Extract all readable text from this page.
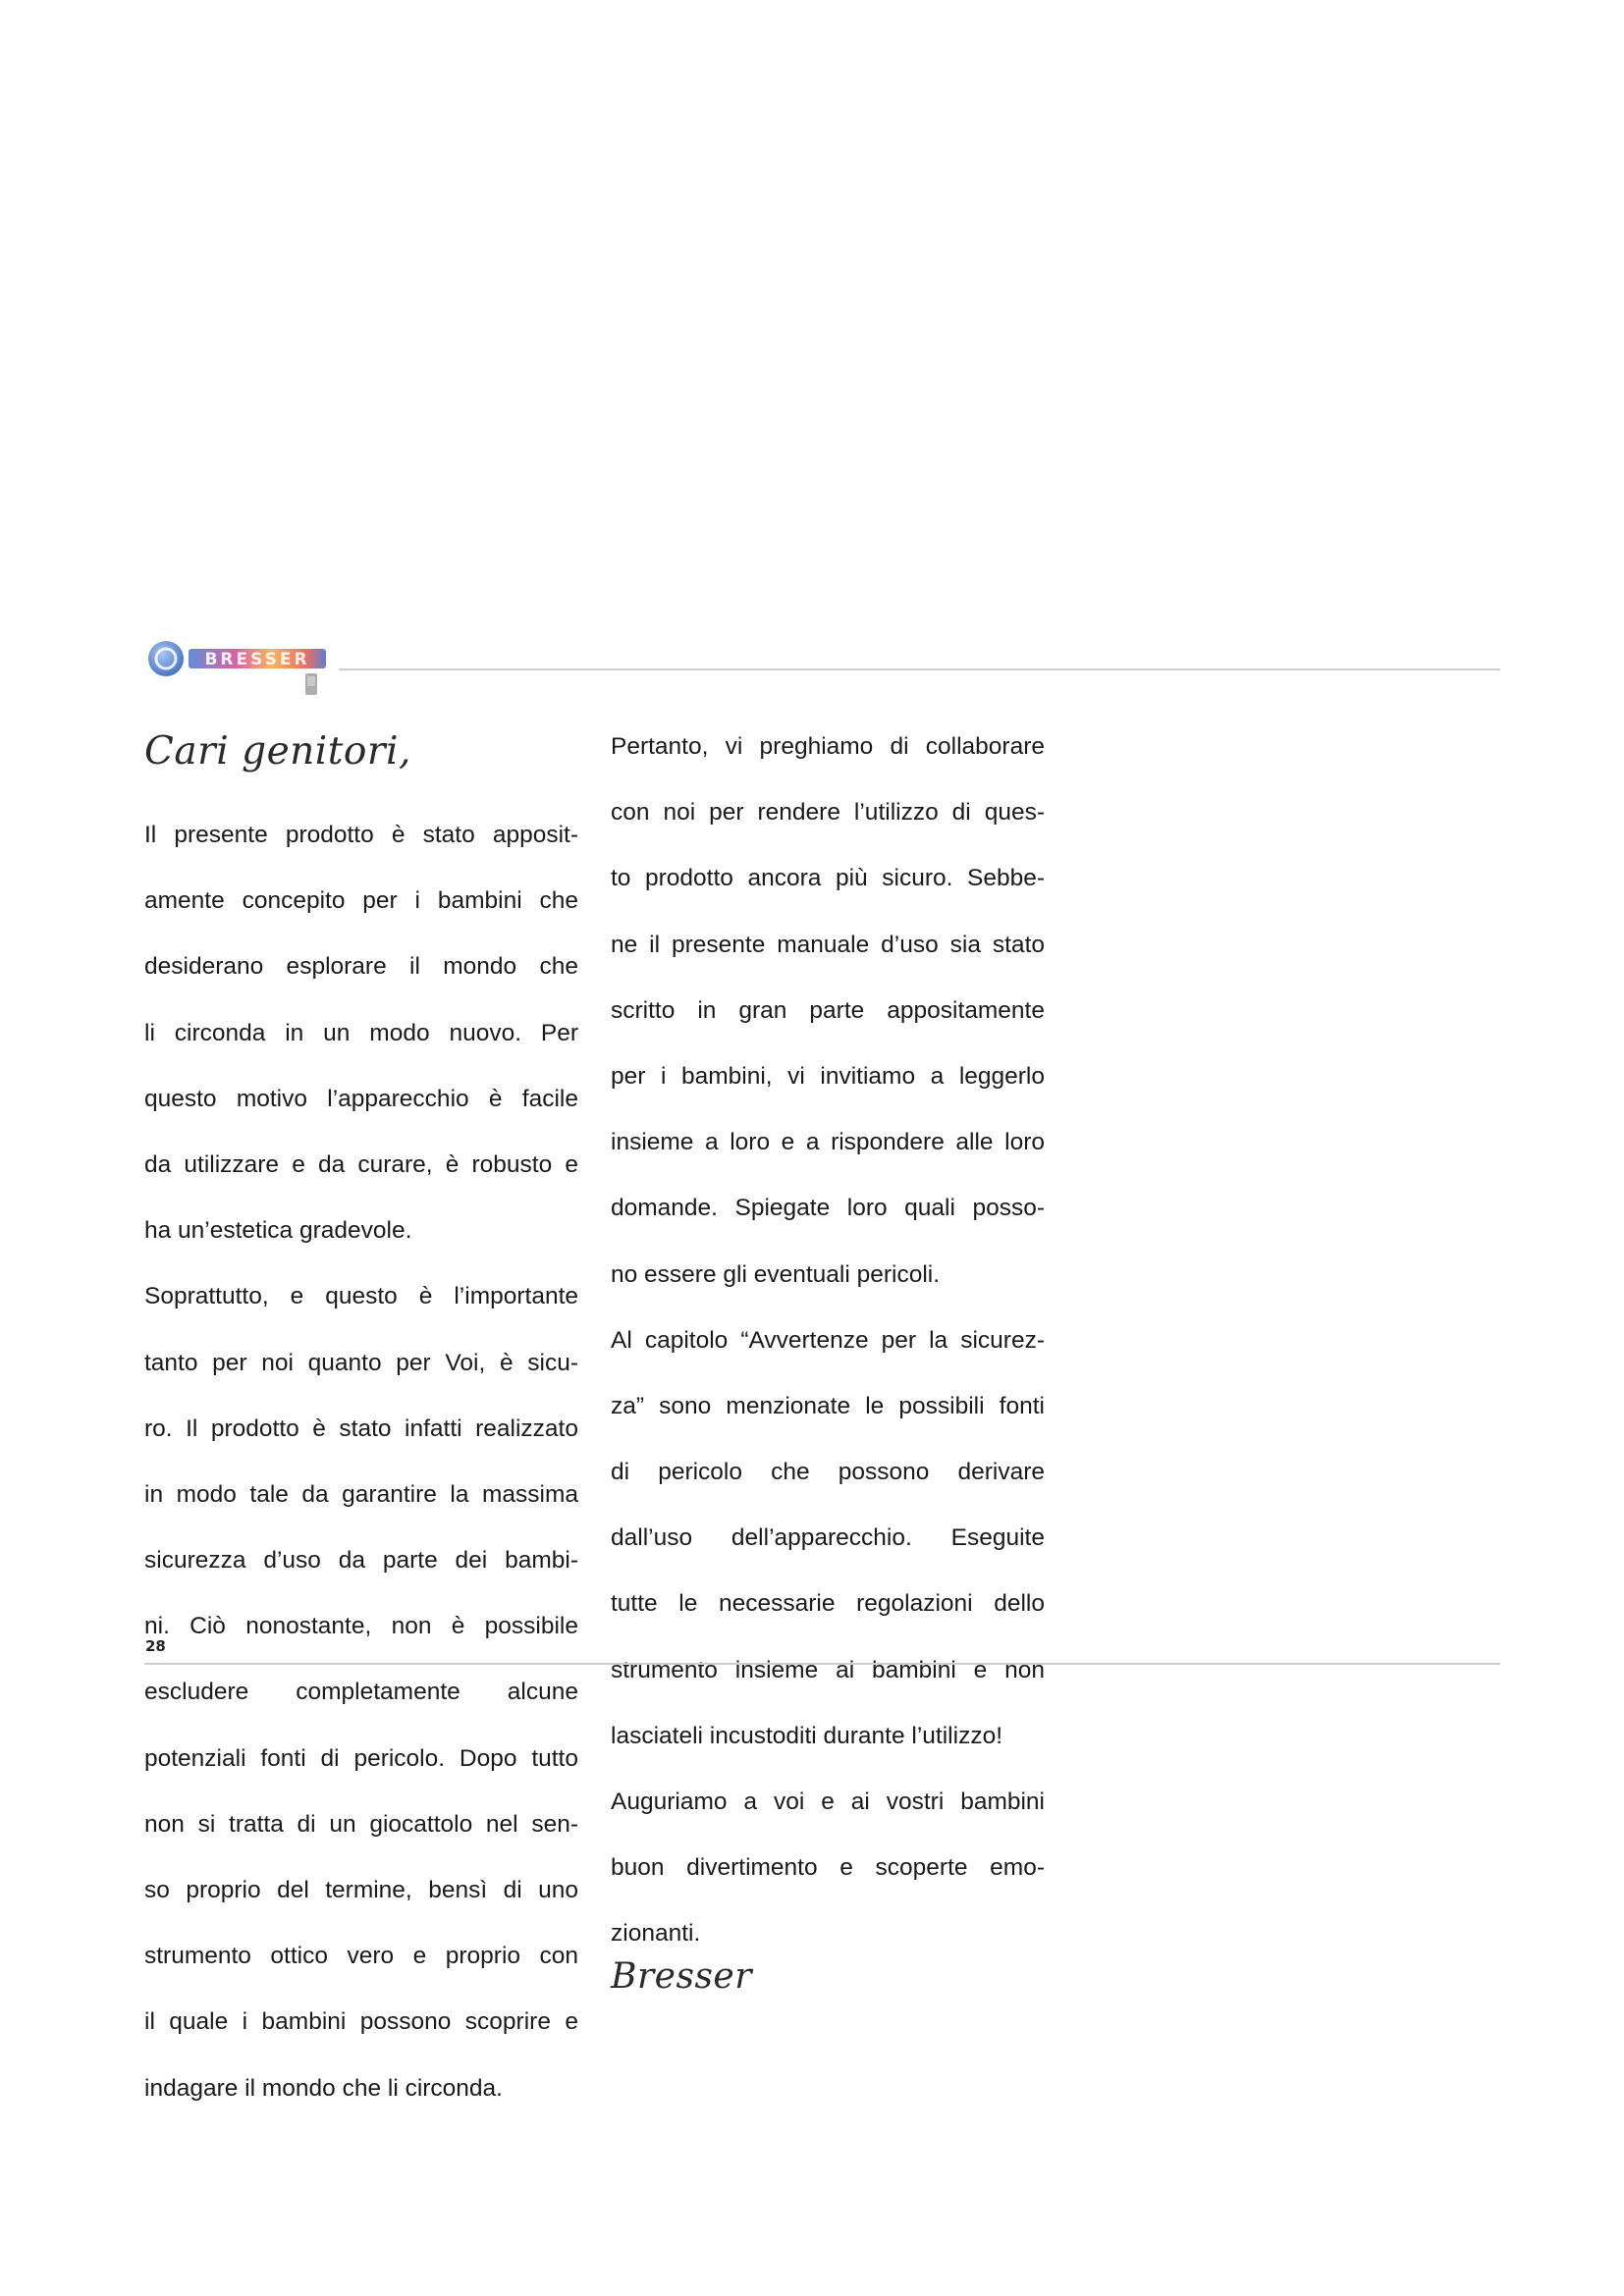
BRESSER
Cari genitori,

Il presente prodotto è stato apposit-
amente concepito per i bambini che
desiderano esplorare il mondo che
li circonda in un modo nuovo. Per
questo motivo l’apparecchio è facile
da utilizzare e da curare, è robusto e
ha un’estetica gradevole.

Soprattutto, e questo è l’importante
tanto per noi quanto per Voi, è sicu-
ro. Il prodotto è stato infatti realizzato
in modo tale da garantire la massima
sicurezza d’uso da parte dei bambi-
ni. Ciò nonostante, non è possibile
escludere completamente alcune
potenziali fonti di pericolo. Dopo tutto
non si tratta di un giocattolo nel sen-
so proprio del termine, bensì di uno
strumento ottico vero e proprio con
il quale i bambini possono scoprire e
indagare il mondo che li circonda.

Pertanto, vi preghiamo di collaborare
con noi per rendere l’utilizzo di ques-
to prodotto ancora più sicuro. Sebbe-
ne il presente manuale d’uso sia stato
scritto in gran parte appositamente
per i bambini, vi invitiamo a leggerlo
insieme a loro e a rispondere alle loro
domande. Spiegate loro quali posso-
no essere gli eventuali pericoli.

Al capitolo “Avvertenze per la sicurez-
za” sono menzionate le possibili fonti
di pericolo che possono derivare
dall’uso dell’apparecchio. Eseguite
tutte le necessarie regolazioni dello
strumento insieme ai bambini e non
lasciateli incustoditi durante l’utilizzo!

Auguriamo a voi e ai vostri bambini
buon divertimento e scoperte emo-
zionanti.

Bresser
28
